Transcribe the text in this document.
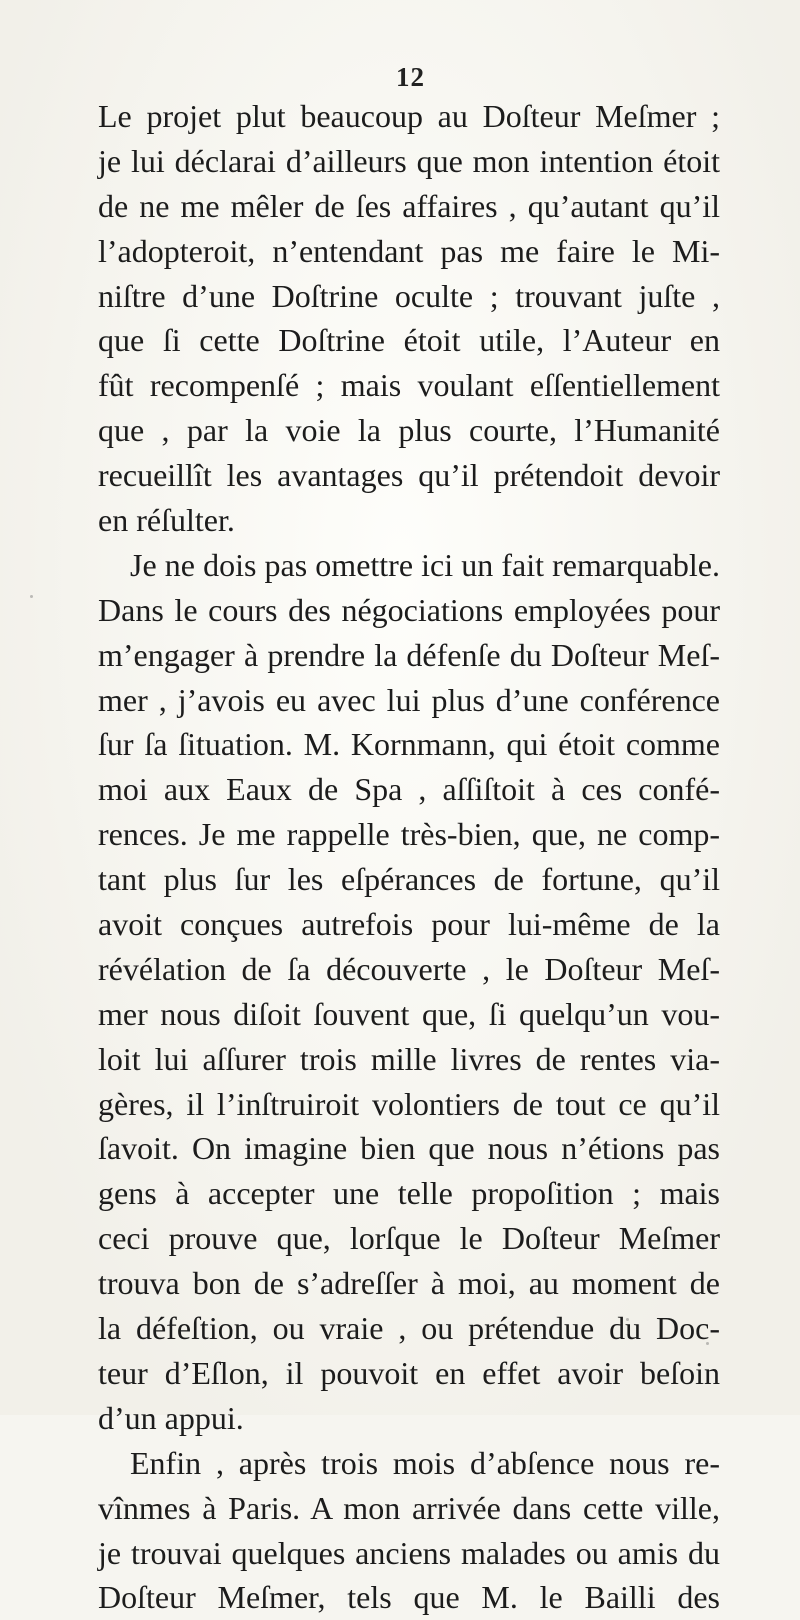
12
Le projet plut beaucoup au Doſteur Meſmer ;
je lui déclarai d’ailleurs que mon intention étoit
de ne me mêler de ſes affaires , qu’autant qu’il
l’adopteroit, n’entendant pas me faire le Mi-
niſtre d’une Doſtrine oculte ; trouvant juſte ,
que ſi cette Doſtrine étoit utile, l’Auteur en
fût recompenſé ; mais voulant eſſentiellement
que , par la voie la plus courte, l’Humanité
recueillît les avantages qu’il prétendoit devoir
en réſulter.
Je ne dois pas omettre ici un fait remarquable.
Dans le cours des négociations employées pour
m’engager à prendre la défenſe du Doſteur Meſ-
mer , j’avois eu avec lui plus d’une conférence
ſur ſa ſituation. M. Kornmann, qui étoit comme
moi aux Eaux de Spa , aſſiſtoit à ces confé-
rences. Je me rappelle très-bien, que, ne comp-
tant plus ſur les eſpérances de fortune, qu’il
avoit conçues autrefois pour lui-même de la
révélation de ſa découverte , le Doſteur Meſ-
mer nous diſoit ſouvent que, ſi quelqu’un vou-
loit lui aſſurer trois mille livres de rentes via-
gères, il l’inſtruiroit volontiers de tout ce qu’il
ſavoit. On imagine bien que nous n’étions pas
gens à accepter une telle propoſition ; mais
ceci prouve que, lorſque le Doſteur Meſmer
trouva bon de s’adreſſer à moi, au moment de
la défeſtion, ou vraie , ou prétendue du Doc-
teur d’Eſlon, il pouvoit en effet avoir beſoin
d’un appui.
Enfin , après trois mois d’abſence nous re-
vînmes à Paris. A mon arrivée dans cette ville,
je trouvai quelques anciens malades ou amis du
Doſteur Meſmer, tels que M. le Bailli des
